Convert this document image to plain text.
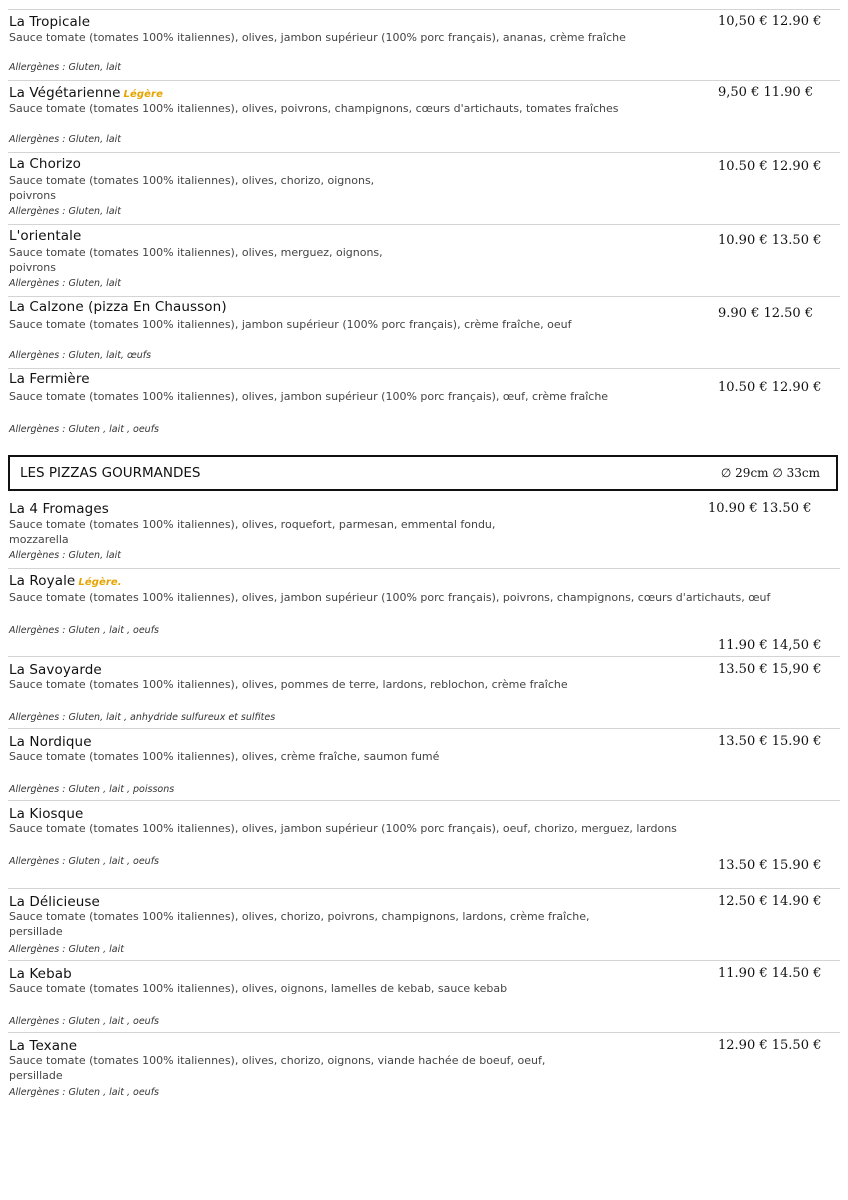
La Tropicale
Sauce tomate (tomates 100% italiennes), olives, jambon supérieur (100% porc français), ananas, crème fraîche
Allergènes : Gluten, lait
10,50 € 12.90 €
La Végétarienne Légère
Sauce tomate (tomates 100% italiennes), olives, poivrons, champignons, cœurs d'artichauts, tomates fraîches
Allergènes : Gluten, lait
9,50 € 11.90 €
La Chorizo
Sauce tomate (tomates 100% italiennes), olives, chorizo, oignons, poivrons
Allergènes : Gluten, lait
10.50 € 12.90 €
L'orientale
Sauce tomate (tomates 100% italiennes), olives, merguez, oignons, poivrons
Allergènes : Gluten, lait
10.90 € 13.50 €
La Calzone (pizza En Chausson)
Sauce tomate (tomates 100% italiennes), jambon supérieur (100% porc français), crème fraîche, oeuf
Allergènes : Gluten, lait, œufs
9.90 € 12.50 €
La Fermière
Sauce tomate (tomates 100% italiennes), olives, jambon supérieur (100% porc français), œuf, crème fraîche
Allergènes : Gluten , lait , oeufs
10.50 € 12.90 €
LES PIZZAS GOURMANDES	∅ 29cm ∅ 33cm
La 4 Fromages
Sauce tomate (tomates 100% italiennes), olives, roquefort, parmesan, emmental fondu, mozzarella
Allergènes : Gluten, lait
10.90 € 13.50 €
La Royale Légère.
Sauce tomate (tomates 100% italiennes), olives, jambon supérieur (100% porc français), poivrons, champignons, cœurs d'artichauts, œuf
Allergènes : Gluten , lait , oeufs
11.90 € 14,50 €
La Savoyarde
Sauce tomate (tomates 100% italiennes), olives, pommes de terre, lardons, reblochon, crème fraîche
Allergènes : Gluten, lait , anhydride sulfureux et sulfites
13.50 € 15,90 €
La Nordique
Sauce tomate (tomates 100% italiennes), olives, crème fraîche, saumon fumé
Allergènes : Gluten , lait , poissons
13.50 € 15.90 €
La Kiosque
Sauce tomate (tomates 100% italiennes), olives, jambon supérieur (100% porc français), oeuf, chorizo, merguez, lardons
Allergènes : Gluten , lait , oeufs	13.50 € 15.90 €
La Délicieuse
Sauce tomate (tomates 100% italiennes), olives, chorizo, poivrons, champignons, lardons, crème fraîche, persillade
Allergènes : Gluten , lait
12.50 € 14.90 €
La Kebab
Sauce tomate (tomates 100% italiennes), olives, oignons, lamelles de kebab, sauce kebab
Allergènes : Gluten , lait , oeufs
11.90 € 14.50 €
La Texane
Sauce tomate (tomates 100% italiennes), olives, chorizo, oignons, viande hachée de boeuf, oeuf, persillade
Allergènes : Gluten , lait , oeufs
12.90 € 15.50 €
